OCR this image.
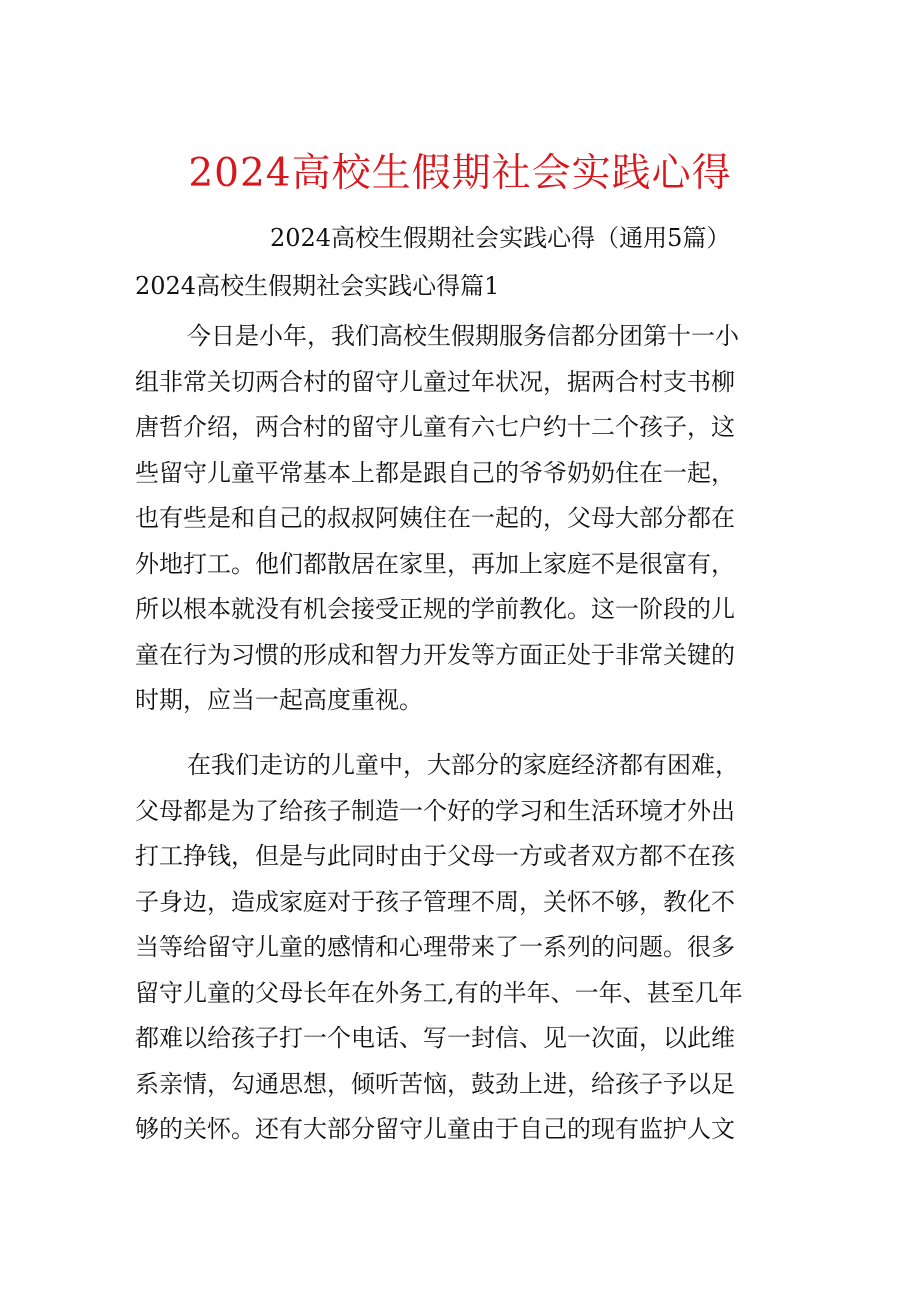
2024高校生假期社会实践心得
2024高校生假期社会实践心得（通用5篇）
2024高校生假期社会实践心得篇1
今日是小年，我们高校生假期服务信都分团第十一小
组非常关切两合村的留守儿童过年状况，据两合村支书柳
唐哲介绍，两合村的留守儿童有六七户约十二个孩子，这
些留守儿童平常基本上都是跟自己的爷爷奶奶住在一起，
也有些是和自己的叔叔阿姨住在一起的，父母大部分都在
外地打工。他们都散居在家里，再加上家庭不是很富有，
所以根本就没有机会接受正规的学前教化。这一阶段的儿
童在行为习惯的形成和智力开发等方面正处于非常关键的
时期，应当一起高度重视。
在我们走访的儿童中，大部分的家庭经济都有困难，
父母都是为了给孩子制造一个好的学习和生活环境才外出
打工挣钱，但是与此同时由于父母一方或者双方都不在孩
子身边，造成家庭对于孩子管理不周，关怀不够，教化不
当等给留守儿童的感情和心理带来了一系列的问题。很多
留守儿童的父母长年在外务工,有的半年、一年、甚至几年
都难以给孩子打一个电话、写一封信、见一次面，以此维
系亲情，勾通思想，倾听苦恼，鼓劲上进，给孩子予以足
够的关怀。还有大部分留守儿童由于自己的现有监护人文
